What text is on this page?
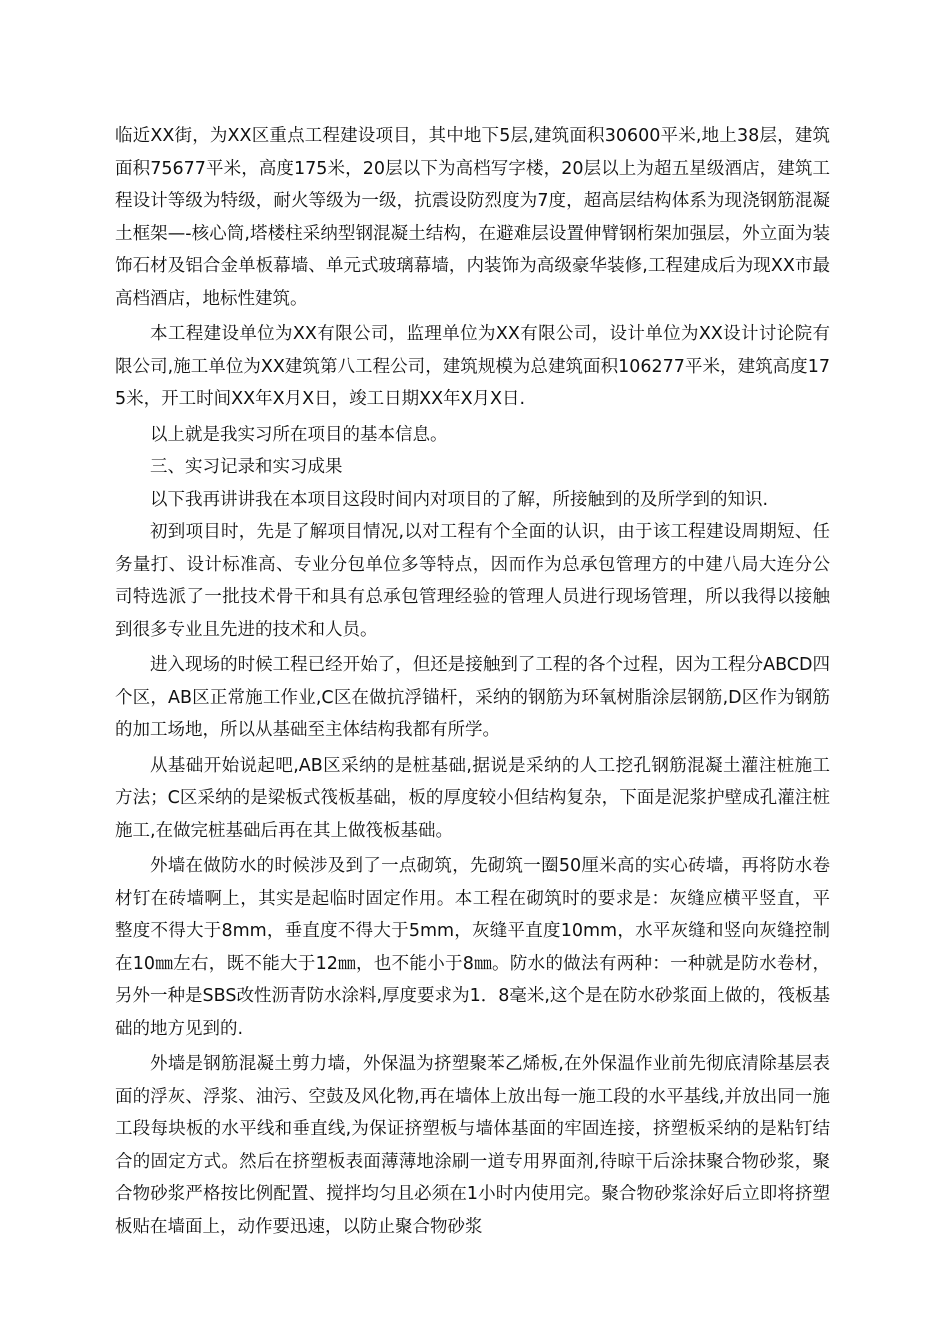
临近XX街，为XX区重点工程建设项目，其中地下5层,建筑面积30600平米,地上38层，建筑面积75677平米，高度175米，20层以下为高档写字楼，20层以上为超五星级酒店，建筑工程设计等级为特级，耐火等级为一级，抗震设防烈度为7度，超高层结构体系为现浇钢筋混凝土框架—-核心筒,塔楼柱采纳型钢混凝土结构，在避难层设置伸臂钢桁架加强层，外立面为装饰石材及铝合金单板幕墙、单元式玻璃幕墙，内装饰为高级豪华装修,工程建成后为现XX市最高档酒店，地标性建筑。

本工程建设单位为XX有限公司，监理单位为XX有限公司，设计单位为XX设计讨论院有限公司,施工单位为XX建筑第八工程公司，建筑规模为总建筑面积106277平米，建筑高度175米，开工时间XX年X月X日，竣工日期XX年X月X日.

以上就是我实习所在项目的基本信息。

三、实习记录和实习成果

以下我再讲讲我在本项目这段时间内对项目的了解，所接触到的及所学到的知识.

初到项目时，先是了解项目情况,以对工程有个全面的认识，由于该工程建设周期短、任务量打、设计标准高、专业分包单位多等特点，因而作为总承包管理方的中建八局大连分公司特选派了一批技术骨干和具有总承包管理经验的管理人员进行现场管理，所以我得以接触到很多专业且先进的技术和人员。

进入现场的时候工程已经开始了，但还是接触到了工程的各个过程，因为工程分ABCD四个区，AB区正常施工作业,C区在做抗浮锚杆，采纳的钢筋为环氧树脂涂层钢筋,D区作为钢筋的加工场地，所以从基础至主体结构我都有所学。

从基础开始说起吧,AB区采纳的是桩基础,据说是采纳的人工挖孔钢筋混凝土灌注桩施工方法；C区采纳的是梁板式筏板基础，板的厚度较小但结构复杂，下面是泥浆护壁成孔灌注桩施工,在做完桩基础后再在其上做筏板基础。

外墙在做防水的时候涉及到了一点砌筑，先砌筑一圈50厘米高的实心砖墙，再将防水卷材钉在砖墙啊上，其实是起临时固定作用。本工程在砌筑时的要求是：灰缝应横平竖直，平整度不得大于8mm，垂直度不得大于5mm，灰缝平直度10mm，水平灰缝和竖向灰缝控制在10㎜左右，既不能大于12㎜，也不能小于8㎜。防水的做法有两种：一种就是防水卷材，另外一种是SBS改性沥青防水涂料,厚度要求为1．8毫米,这个是在防水砂浆面上做的，筏板基础的地方见到的.

外墙是钢筋混凝土剪力墙，外保温为挤塑聚苯乙烯板,在外保温作业前先彻底清除基层表面的浮灰、浮浆、油污、空鼓及风化物,再在墙体上放出每一施工段的水平基线,并放出同一施工段每块板的水平线和垂直线,为保证挤塑板与墙体基面的牢固连接，挤塑板采纳的是粘钉结合的固定方式。然后在挤塑板表面薄薄地涂刷一道专用界面剂,待晾干后涂抹聚合物砂浆，聚合物砂浆严格按比例配置、搅拌均匀且必须在1小时内使用完。聚合物砂浆涂好后立即将挤塑板贴在墙面上，动作要迅速，以防止聚合物砂浆
